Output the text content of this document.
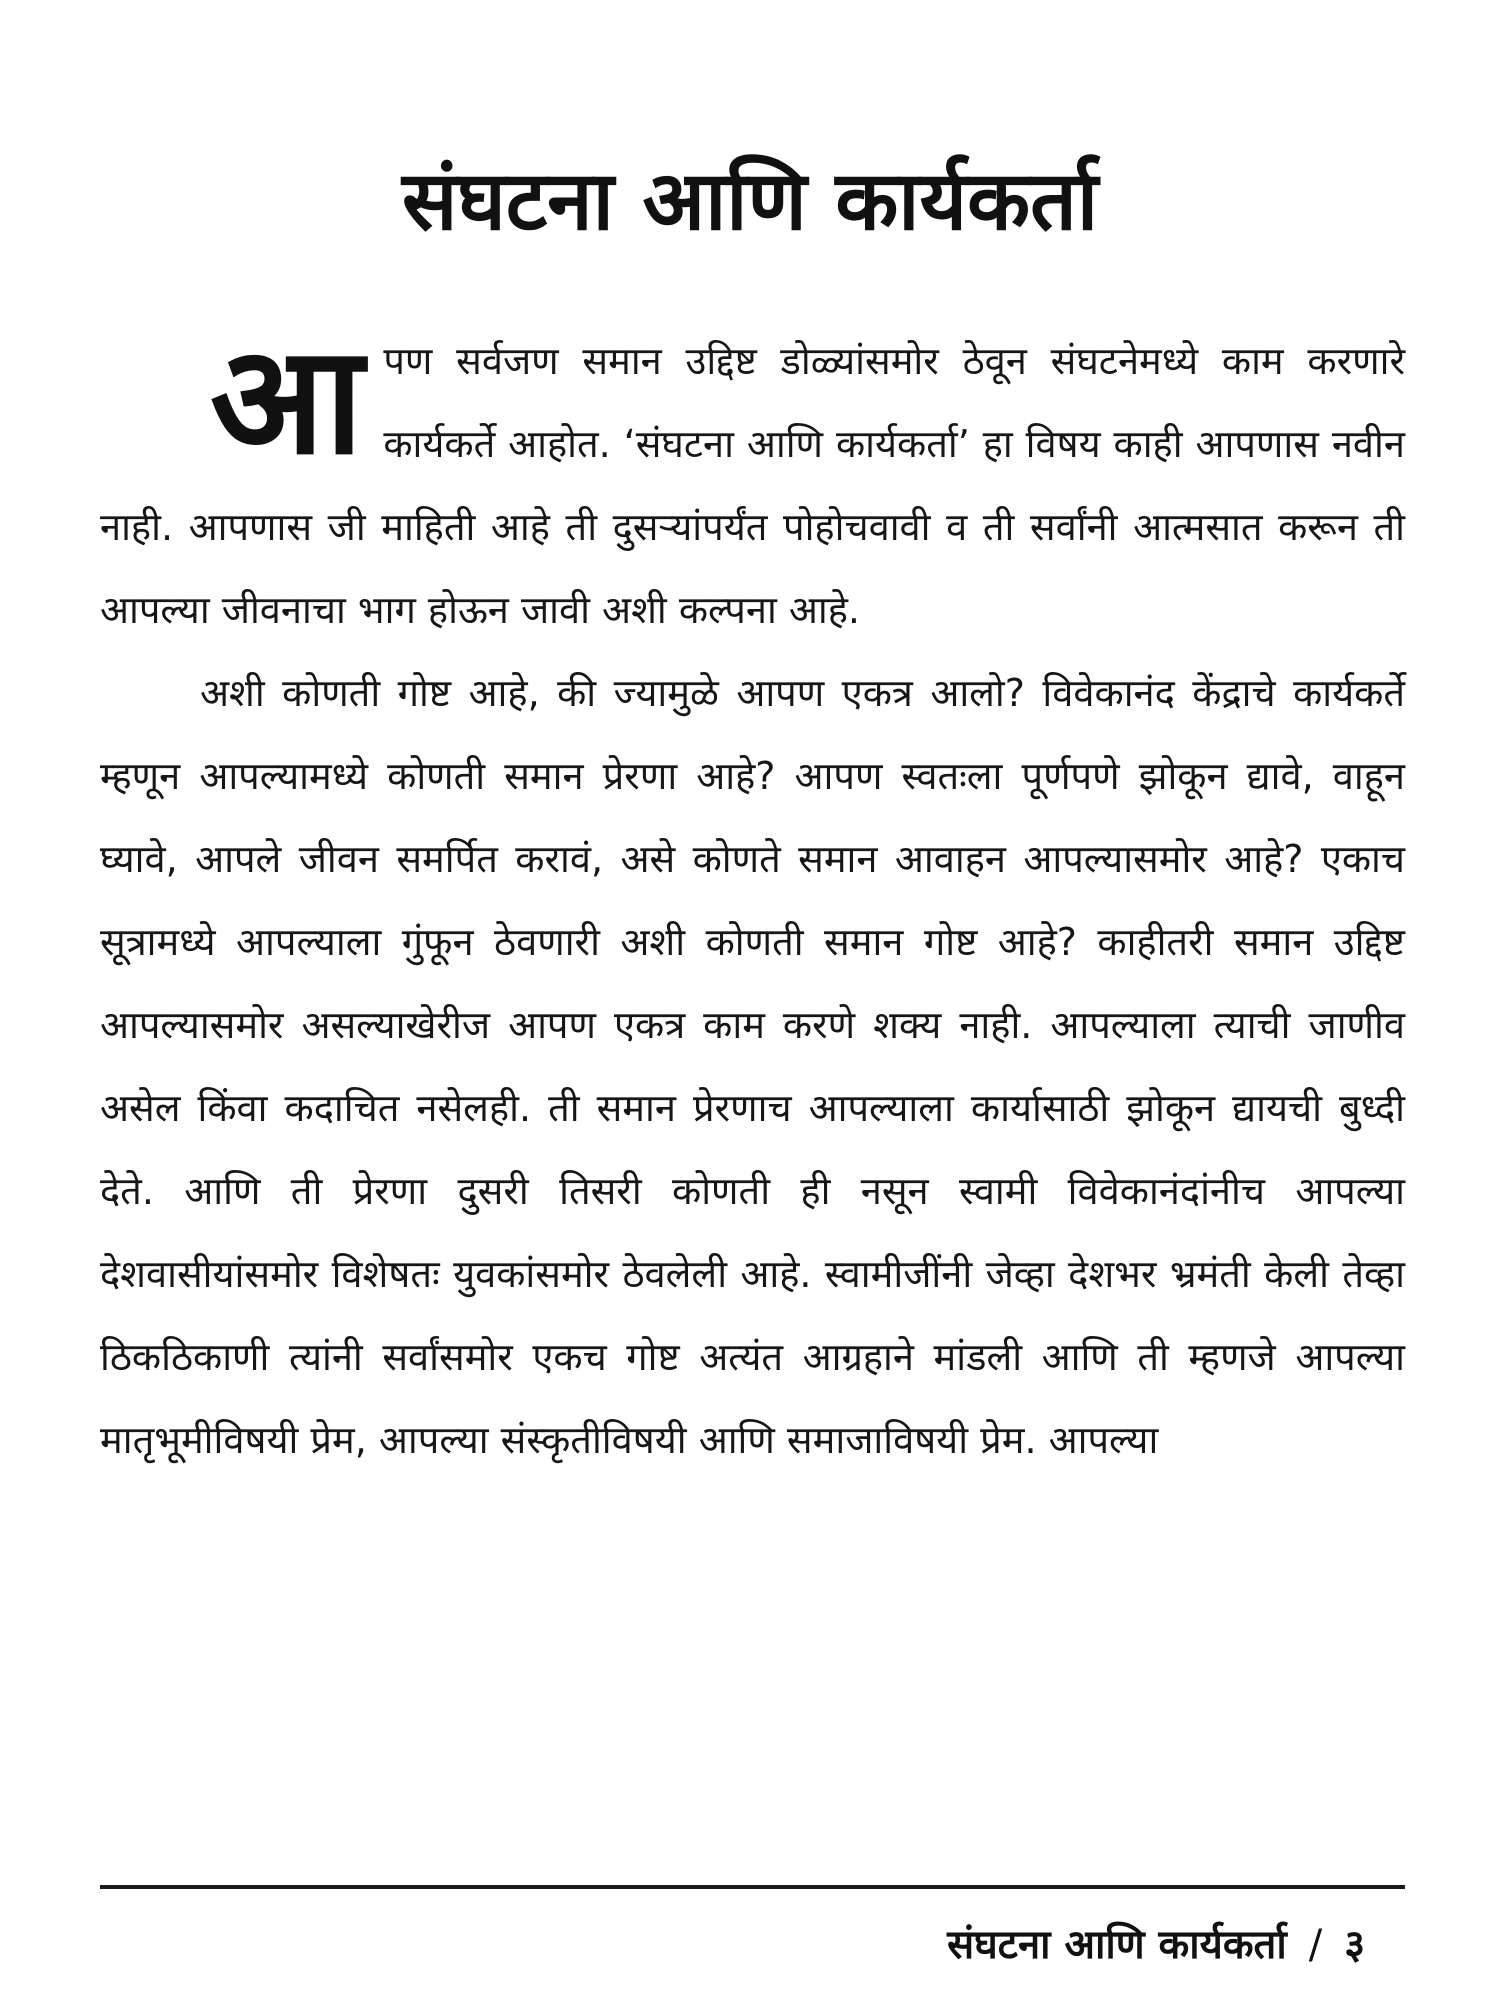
संघटना आणि कार्यकर्ता

आपण सर्वजण समान उद्दिष्ट डोळ्यांसमोर ठेवून संघटनेमध्ये काम करणारे कार्यकर्ते आहोत. ‘संघटना आणि कार्यकर्ता’ हा विषय काही आपणास नवीन नाही. आपणास जी माहिती आहे ती दुसऱ्यांपर्यंत पोहोचवावी व ती सर्वांनी आत्मसात करून ती आपल्या जीवनाचा भाग होऊन जावी अशी कल्पना आहे.

अशी कोणती गोष्ट आहे, की ज्यामुळे आपण एकत्र आलो? विवेकानंद केंद्राचे कार्यकर्ते म्हणून आपल्यामध्ये कोणती समान प्रेरणा आहे? आपण स्वतःला पूर्णपणे झोकून द्यावे, वाहून घ्यावे, आपले जीवन समर्पित करावं, असे कोणते समान आवाहन आपल्यासमोर आहे? एकाच सूत्रामध्ये आपल्याला गुंफून ठेवणारी अशी कोणती समान गोष्ट आहे? काहीतरी समान उद्दिष्ट आपल्यासमोर असल्याखेरीज आपण एकत्र काम करणे शक्य नाही. आपल्याला त्याची जाणीव असेल किंवा कदाचित नसेलही. ती समान प्रेरणाच आपल्याला कार्यासाठी झोकून द्यायची बुध्दी देते. आणि ती प्रेरणा दुसरी तिसरी कोणती ही नसून स्वामी विवेकानंदांनीच आपल्या देशवासीयांसमोर विशेषतः युवकांसमोर ठेवलेली आहे. स्वामीजींनी जेव्हा देशभर भ्रमंती केली तेव्हा ठिकठिकाणी त्यांनी सर्वांसमोर एकच गोष्ट अत्यंत आग्रहाने मांडली आणि ती म्हणजे आपल्या मातृभूमीविषयी प्रेम, आपल्या संस्कृतीविषयी आणि समाजाविषयी प्रेम. आपल्या

संघटना आणि कार्यकर्ता / ३
